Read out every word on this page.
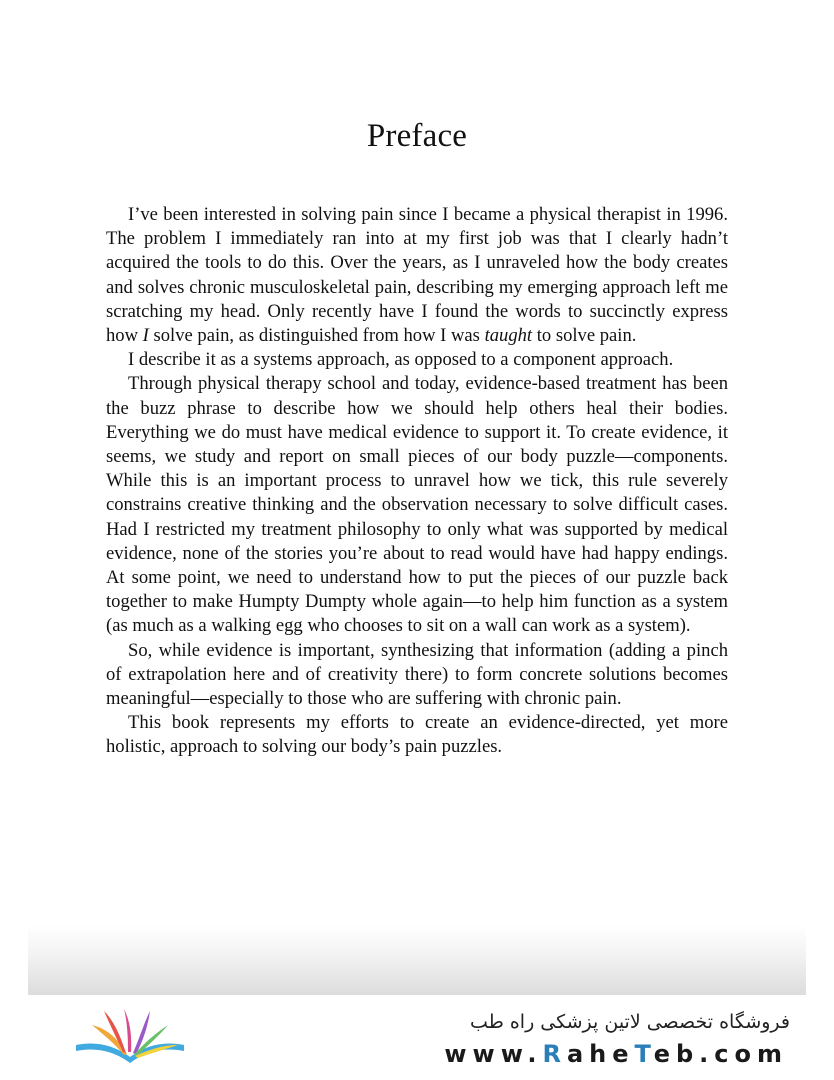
Preface

I’ve been interested in solving pain since I became a physical therapist in 1996. The problem I immediately ran into at my first job was that I clearly hadn’t acquired the tools to do this. Over the years, as I unraveled how the body creates and solves chronic musculoskeletal pain, describing my emerging approach left me scratching my head. Only recently have I found the words to succinctly express how I solve pain, as distinguished from how I was taught to solve pain.

I describe it as a systems approach, as opposed to a component approach.

Through physical therapy school and today, evidence-based treatment has been the buzz phrase to describe how we should help others heal their bodies. Everything we do must have medical evidence to support it. To create evidence, it seems, we study and report on small pieces of our body puzzle—components. While this is an important process to unravel how we tick, this rule severely constrains creative thinking and the observation necessary to solve difficult cases. Had I restricted my treatment philosophy to only what was supported by medical evidence, none of the stories you’re about to read would have had happy endings. At some point, we need to understand how to put the pieces of our puzzle back together to make Humpty Dumpty whole again—to help him function as a system (as much as a walking egg who chooses to sit on a wall can work as a system).

So, while evidence is important, synthesizing that information (adding a pinch of extrapolation here and of creativity there) to form concrete solutions becomes meaningful—especially to those who are suffering with chronic pain.

This book represents my efforts to create an evidence-directed, yet more holistic, approach to solving our body’s pain puzzles.

فروشگاه تخصصی لاتین پزشکی راه طب
www.RaheTeb.com
